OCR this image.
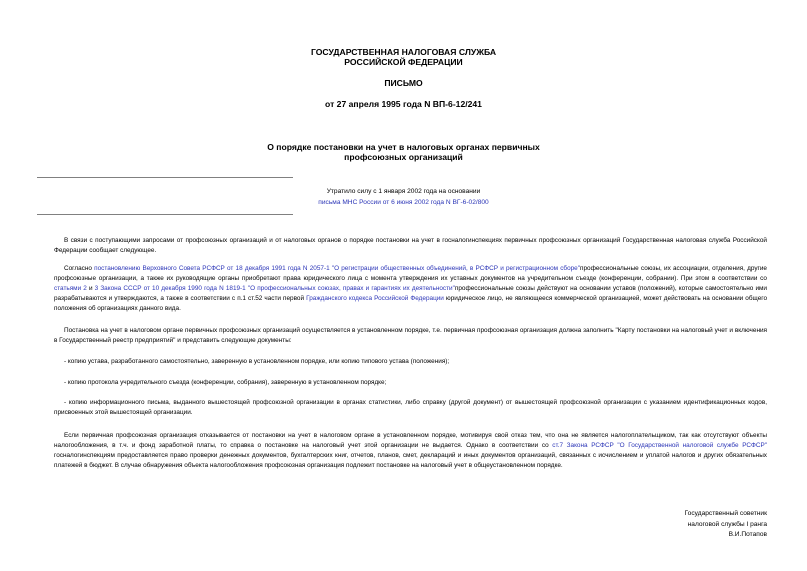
ГОСУДАРСТВЕННАЯ НАЛОГОВАЯ СЛУЖБА
РОССИЙСКОЙ ФЕДЕРАЦИИ
ПИСЬМО
от 27 апреля 1995 года N ВП-6-12/241
О порядке постановки на учет в налоговых органах первичных
профсоюзных организаций
Утратило силу с 1 января 2002 года на основании
письма МНС России от 6 июня 2002 года N ВГ-6-02/800

В связи с поступающими запросами от профсоюзных организаций и от налоговых органов о порядке постановки на учет в госналогинспекциях первичных профсоюзных организаций Государственная налоговая служба Российской Федерации сообщает следующее.

Согласно постановлению Верховного Совета РСФСР от 18 декабря 1991 года N 2057-1 "О регистрации общественных объединений, в РСФСР и регистрационном сборе"профессиональные союзы, их ассоциации, отделения, другие профсоюзные организации, а также их руководящие органы приобретают права юридического лица с момента утверждения их уставных документов на учредительном съезде (конференции, собрании). При этом в соответствии со статьями 2 и 3 Закона СССР от 10 декабря 1990 года N 1819-1 "О профессиональных союзах, правах и гарантиях их деятельности"профессиональные союзы действуют на основании уставов (положений), которые самостоятельно ими разрабатываются и утверждаются, а также в соответствии с п.1 ст.52 части первой Гражданского кодекса Российской Федерации юридическое лицо, не являющееся коммерческой организацией, может действовать на основании общего положения об организациях данного вида.

Постановка на учет в налоговом органе первичных профсоюзных организаций осуществляется в установленном порядке, т.е. первичная профсоюзная организация должна заполнить "Карту постановки на налоговый учет и включения в Государственный реестр предприятий" и представить следующие документы:

- копию устава, разработанного самостоятельно, заверенную в установленном порядке, или копию типового устава (положения);

- копию протокола учредительного съезда (конференции, собрания), заверенную в установленном порядке;

- копию информационного письма, выданного вышестоящей профсоюзной организации в органах статистики, либо справку (другой документ) от вышестоящей профсоюзной организации с указанием идентификационных кодов, присвоенных этой вышестоящей организации.

Если первичная профсоюзная организация отказывается от постановки на учет в налоговом органе в установленном порядке, мотивируя свой отказ тем, что она не является налогоплательщиком, так как отсутствуют объекты налогообложения, в т.ч. и фонд заработной платы, то справка о постановке на налоговый учет этой организации не выдается. Однако в соответствии со ст.7 Закона РСФСР "О Государственной налоговой службе РСФСР" госналогинспекциям предоставляется право проверки денежных документов, бухгалтерских книг, отчетов, планов, смет, деклараций и иных документов организаций, связанных с исчислением и уплатой налогов и других обязательных платежей в бюджет. В случае обнаружения объекта налогообложения профсоюзная организация подлежит постановке на налоговый учет в общеустановленном порядке.

Государственный советник
налоговой службы I ранга
В.И.Потапов
